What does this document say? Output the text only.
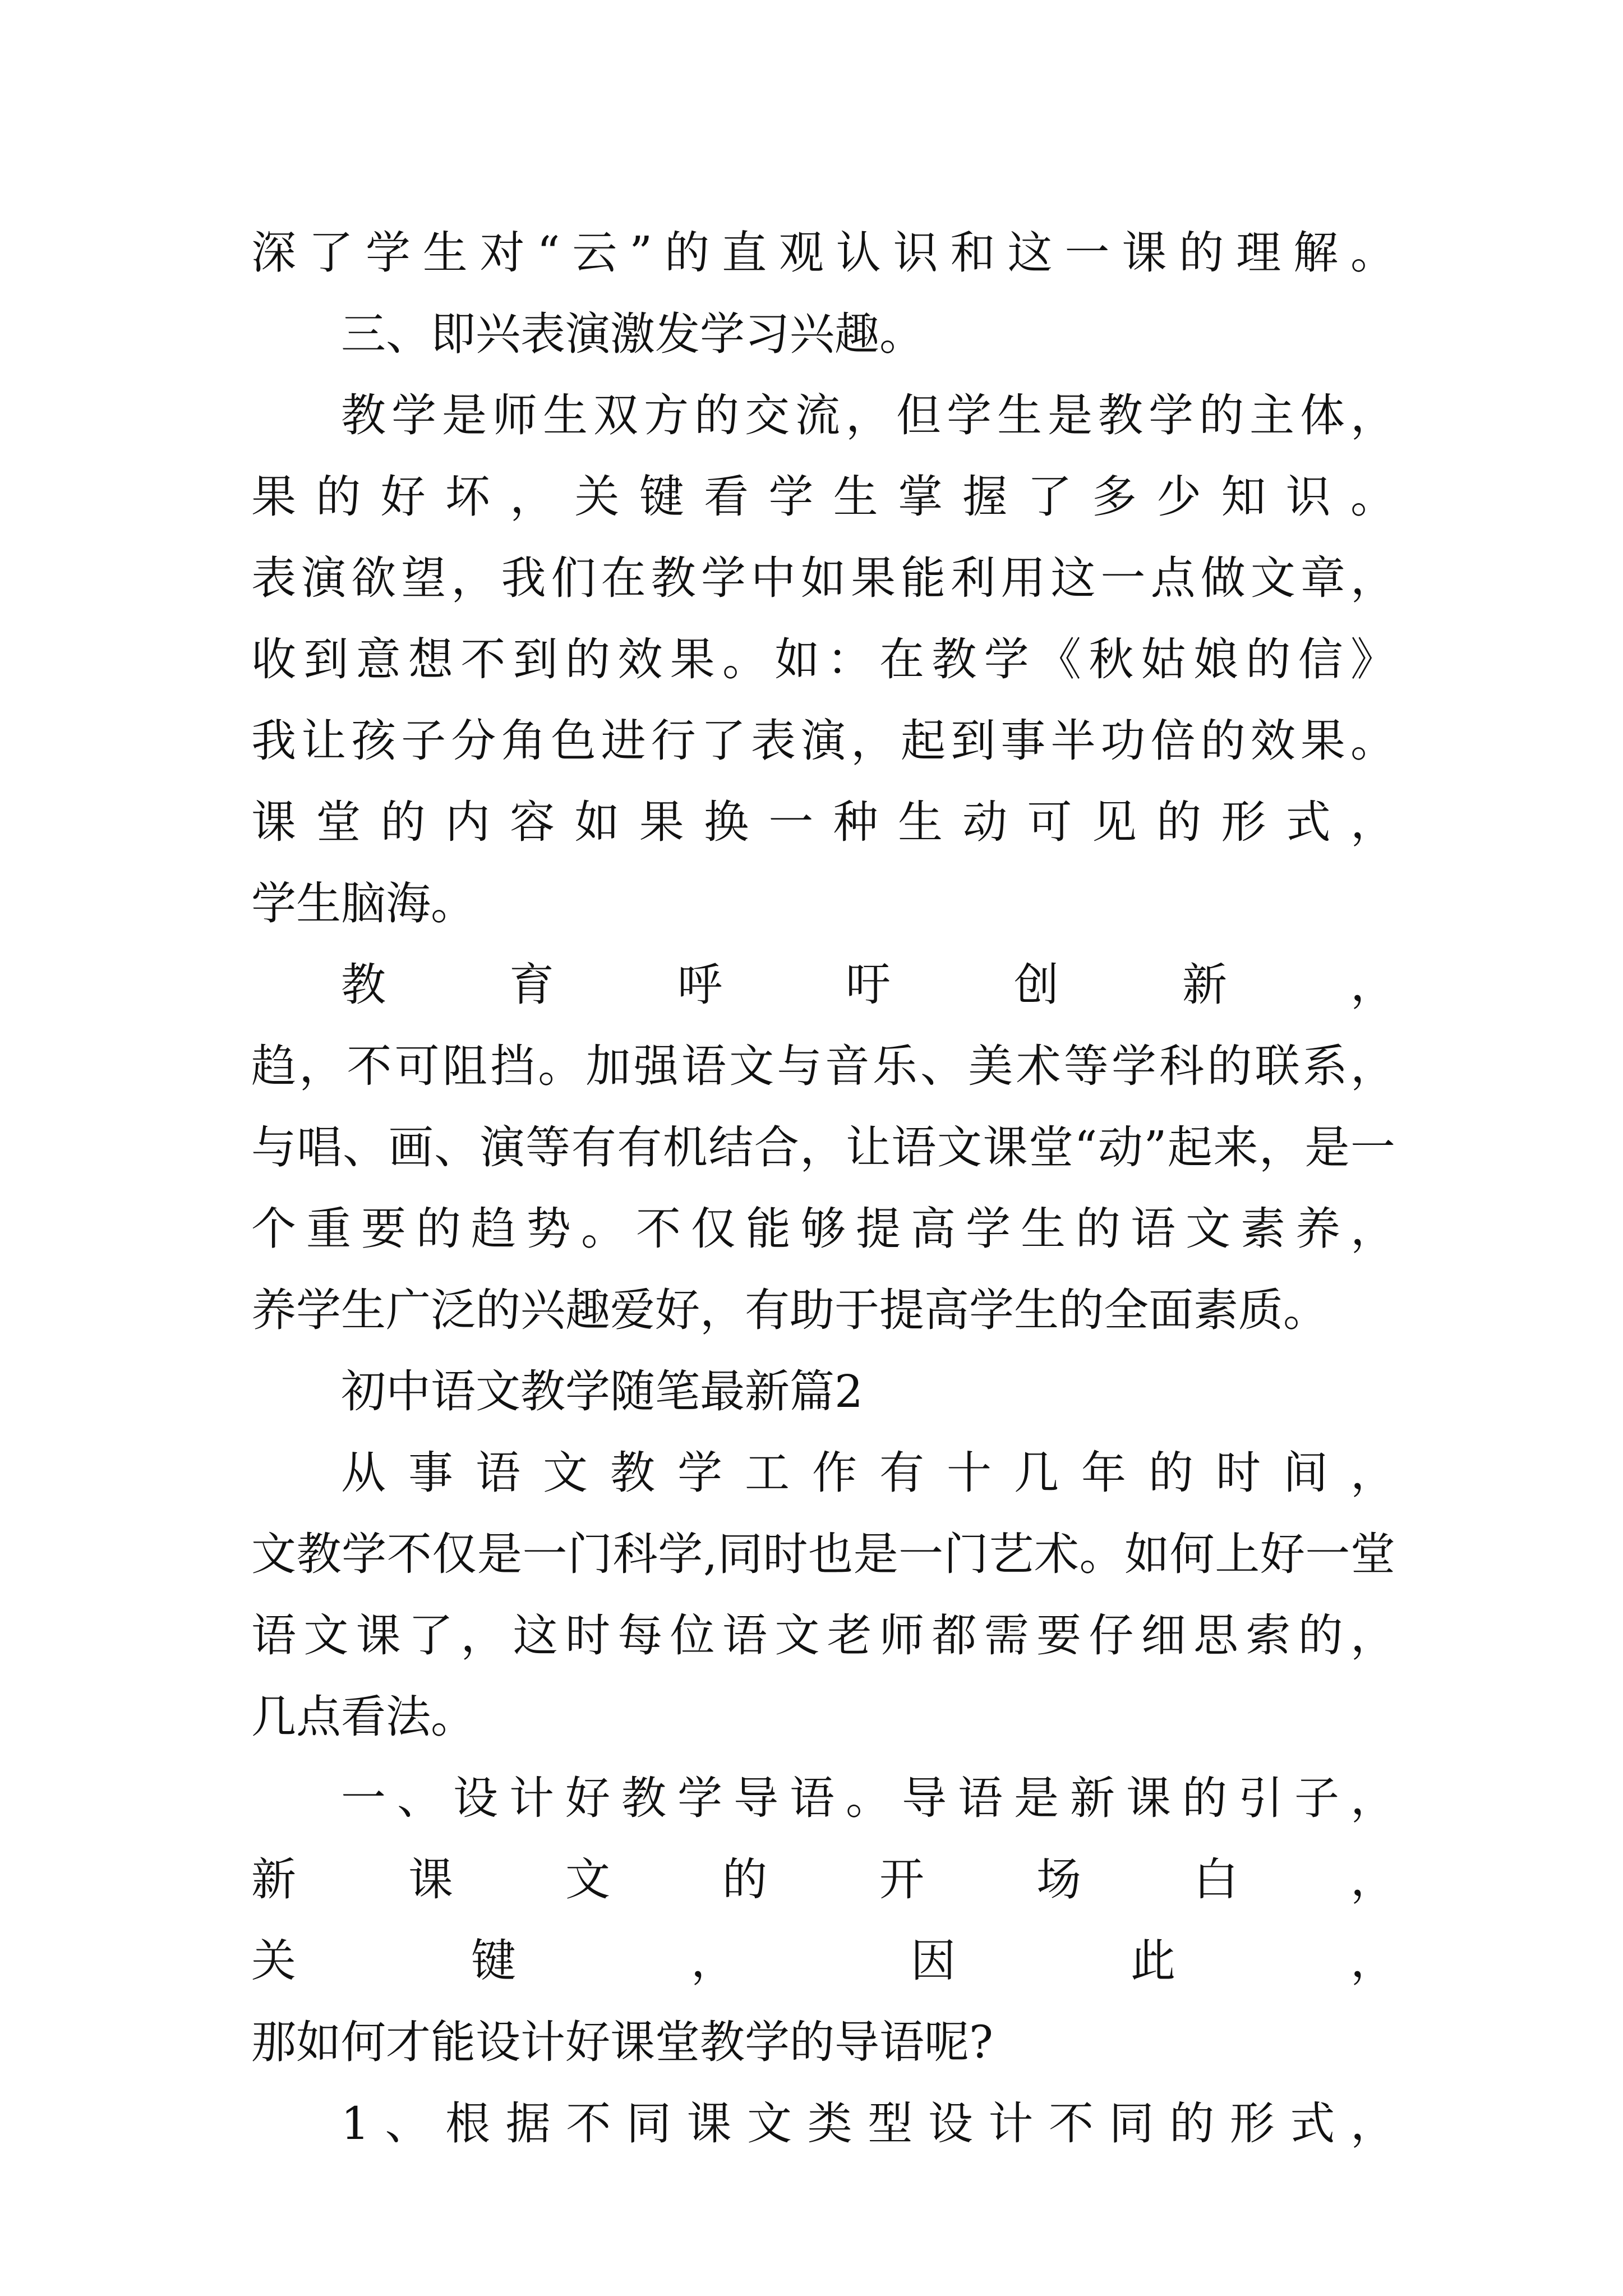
深了学生对“云”的直观认识和这一课的理解。
三、即兴表演激发学习兴趣。
教学是师生双方的交流，但学生是教学的主体，
果的好坏，关键看学生掌握了多少知识。
表演欲望，我们在教学中如果能利用这一点做文章，
收到意想不到的效果。如：在教学《秋姑娘的信》
我让孩子分角色进行了表演，起到事半功倍的效果。
课堂的内容如果换一种生动可见的形式，
学生脑海。
教育呼吁创新，
趋，不可阻挡。加强语文与音乐、美术等学科的联系，
与唱、画、演等有有机结合，让语文课堂“动”起来，是一
个重要的趋势。不仅能够提高学生的语文素养，
养学生广泛的兴趣爱好，有助于提高学生的全面素质。
初中语文教学随笔最新篇2
从事语文教学工作有十几年的时间，
文教学不仅是一门科学,同时也是一门艺术。如何上好一堂
语文课了，这时每位语文老师都需要仔细思索的，
几点看法。
一、设计好教学导语。导语是新课的引子，
新课文的开场白，
关键，因此，
那如何才能设计好课堂教学的导语呢?
1、根据不同课文类型设计不同的形式，
